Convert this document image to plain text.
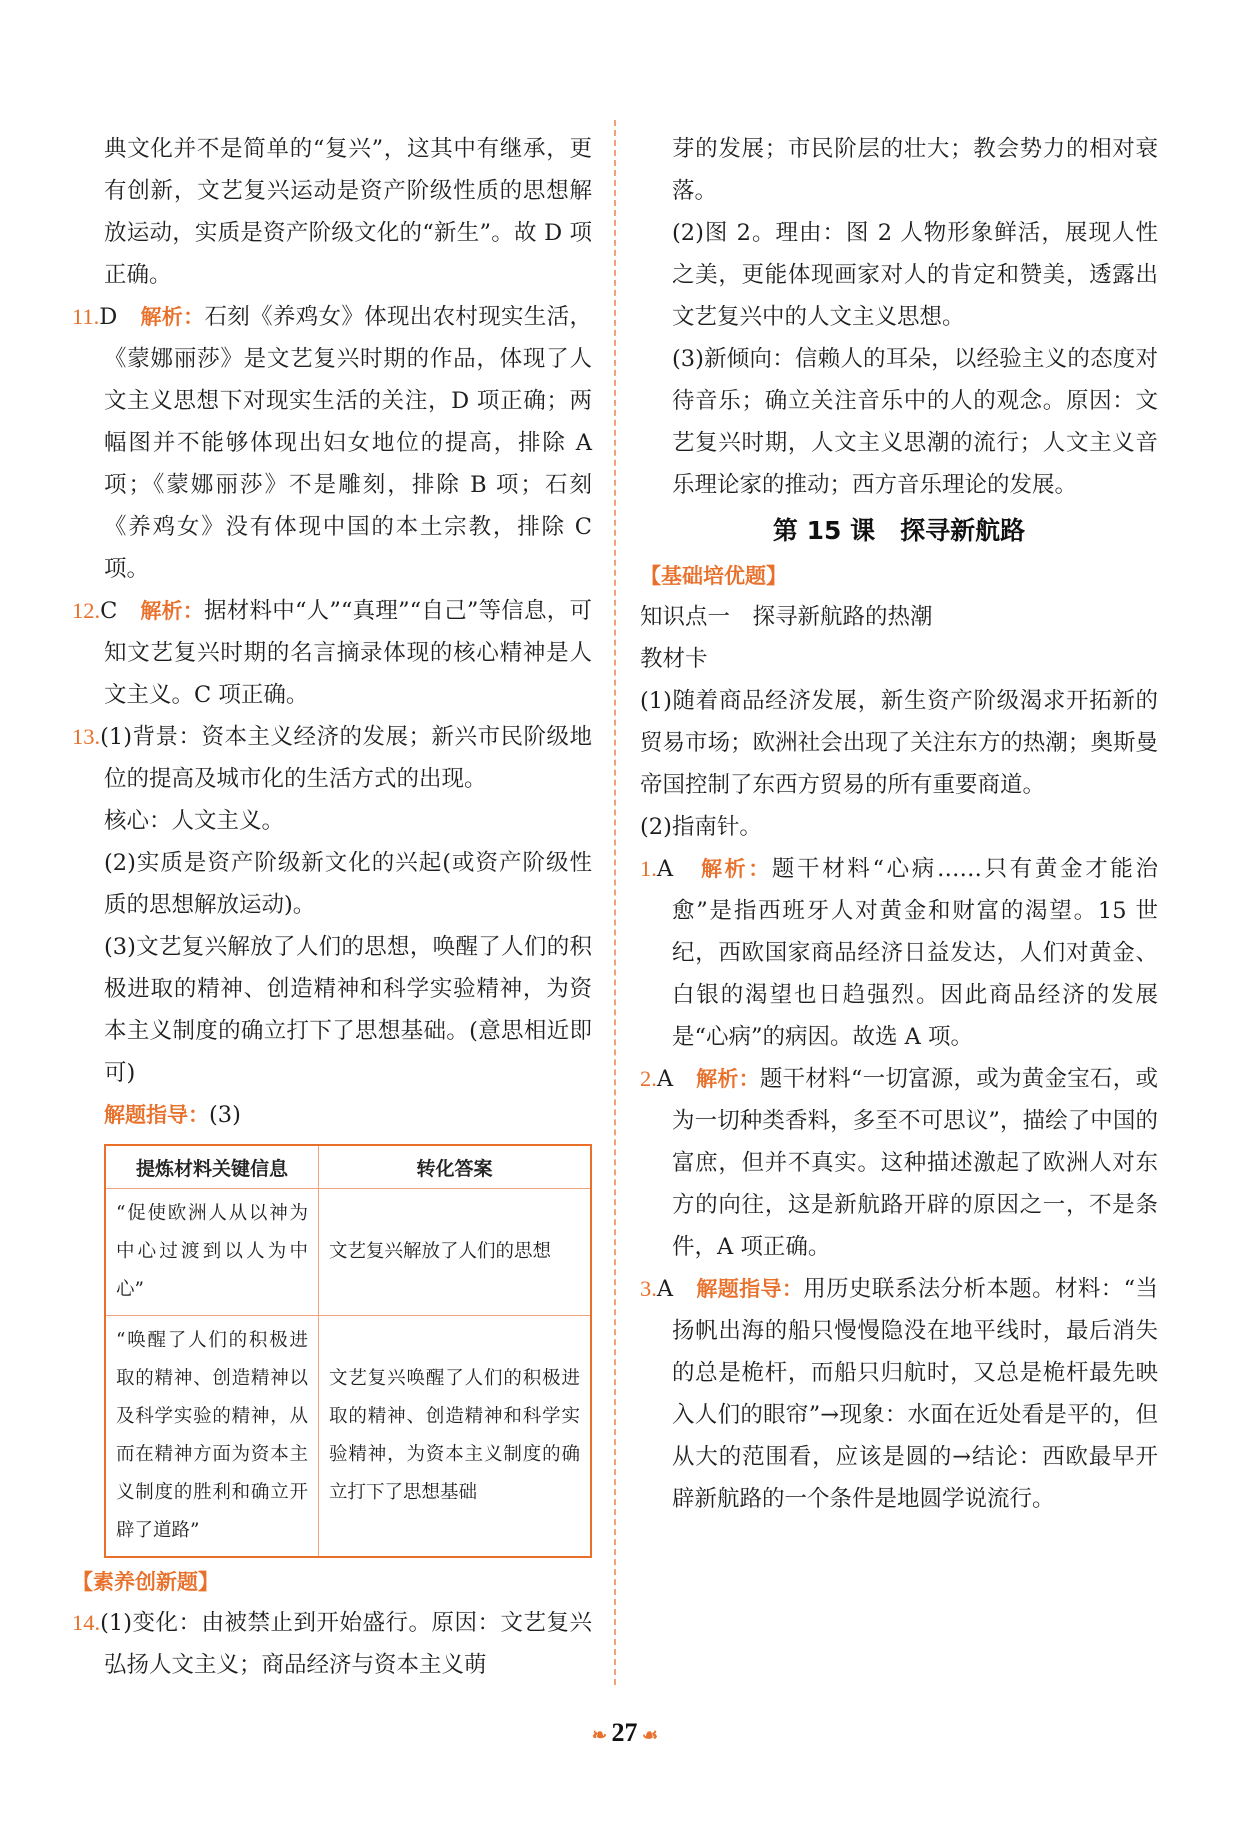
典文化并不是简单的“复兴”，这其中有继承，更有创新，文艺复兴运动是资产阶级性质的思想解放运动，实质是资产阶级文化的“新生”。故 D 项正确。

11.D　 解析：石刻《养鸡女》体现出农村现实生活，《蒙娜丽莎》是文艺复兴时期的作品，体现了人文主义思想下对现实生活的关注，D 项正确；两幅图并不能够体现出妇女地位的提高，排除 A 项；《蒙娜丽莎》不是雕刻，排除 B 项；石刻《养鸡女》没有体现中国的本土宗教，排除 C 项。

12.C　 解析：据材料中“人”“真理”“自己”等信息，可知文艺复兴时期的名言摘录体现的核心精神是人文主义。C 项正确。

13.(1)背景：资本主义经济的发展；新兴市民阶级地位的提高及城市化的生活方式的出现。

核心：人文主义。

(2)实质是资产阶级新文化的兴起(或资产阶级性质的思想解放运动)。

(3)文艺复兴解放了人们的思想，唤醒了人们的积极进取的精神、创造精神和科学实验精神，为资本主义制度的确立打下了思想基础。(意思相近即可)

解题指导：(3)

提炼材料关键信息	转化答案
“促使欧洲人从以神为中心过渡到以人为中心”	文艺复兴解放了人们的思想
“唤醒了人们的积极进取的精神、创造精神以及科学实验的精神，从而在精神方面为资本主义制度的胜利和确立开辟了道路”	文艺复兴唤醒了人们的积极进取的精神、创造精神和科学实验精神，为资本主义制度的确立打下了思想基础
【素养创新题】

14.(1)变化：由被禁止到开始盛行。原因：文艺复兴弘扬人文主义；商品经济与资本主义萌

芽的发展；市民阶层的壮大；教会势力的相对衰落。

(2)图 2。理由：图 2 人物形象鲜活，展现人性之美，更能体现画家对人的肯定和赞美，透露出文艺复兴中的人文主义思想。

(3)新倾向：信赖人的耳朵，以经验主义的态度对待音乐；确立关注音乐中的人的观念。原因：文艺复兴时期，人文主义思潮的流行；人文主义音乐理论家的推动；西方音乐理论的发展。

第 15 课　探寻新航路
【基础培优题】

知识点一　探寻新航路的热潮

教材卡

(1)随着商品经济发展，新生资产阶级渴求开拓新的贸易市场；欧洲社会出现了关注东方的热潮；奥斯曼帝国控制了东西方贸易的所有重要商道。

(2)指南针。

1.A　 解析：题干材料“心病……只有黄金才能治愈”是指西班牙人对黄金和财富的渴望。15 世纪，西欧国家商品经济日益发达，人们对黄金、白银的渴望也日趋强烈。因此商品经济的发展是“心病”的病因。故选 A 项。

2.A　 解析：题干材料“一切富源，或为黄金宝石，或为一切种类香料，多至不可思议”，描绘了中国的富庶，但并不真实。这种描述激起了欧洲人对东方的向往，这是新航路开辟的原因之一，不是条件，A 项正确。

3.A　 解题指导：用历史联系法分析本题。材料：“当扬帆出海的船只慢慢隐没在地平线时，最后消失的总是桅杆，而船只归航时，又总是桅杆最先映入人们的眼帘”→现象：水面在近处看是平的，但从大的范围看，应该是圆的→结论：西欧最早开辟新航路的一个条件是地圆学说流行。

❧ 27 ☙
